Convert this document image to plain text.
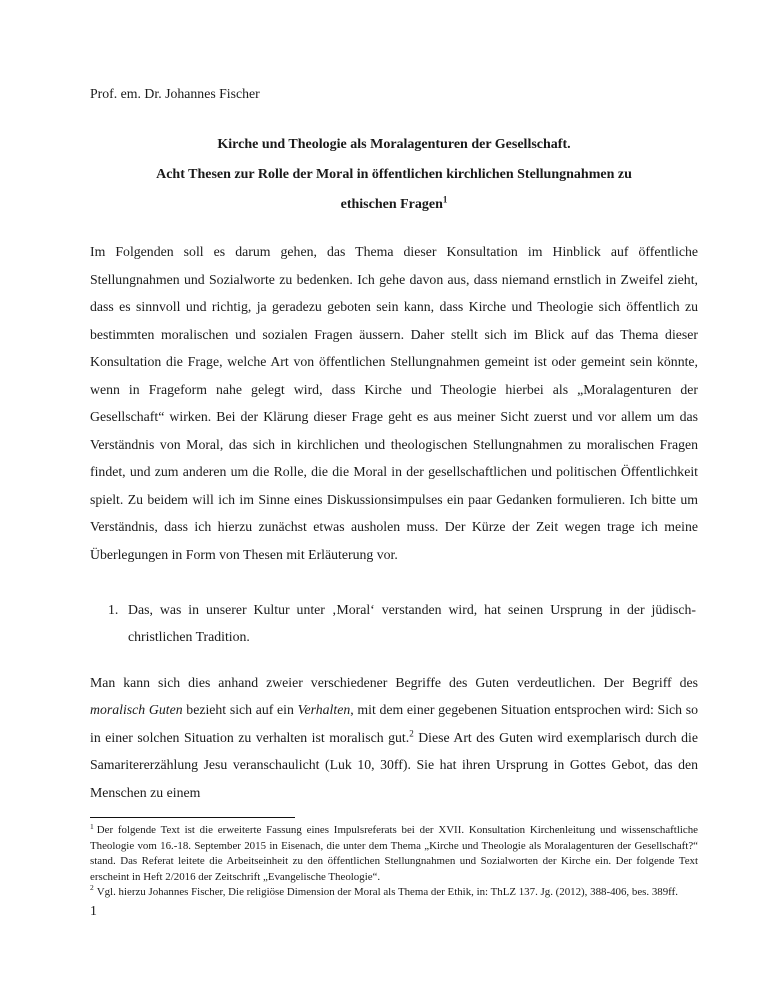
Prof. em. Dr. Johannes Fischer
Kirche und Theologie als Moralagenturen der Gesellschaft.
Acht Thesen zur Rolle der Moral in öffentlichen kirchlichen Stellungnahmen zu
ethischen Fragen$^1$

Im Folgenden soll es darum gehen, das Thema dieser Konsultation im Hinblick auf öffentliche Stellungnahmen und Sozialworte zu bedenken. Ich gehe davon aus, dass niemand ernstlich in Zweifel zieht, dass es sinnvoll und richtig, ja geradezu geboten sein kann, dass Kirche und Theologie sich öffentlich zu bestimmten moralischen und sozialen Fragen äussern. Daher stellt sich im Blick auf das Thema dieser Konsultation die Frage, welche Art von öffentlichen Stellungnahmen gemeint ist oder gemeint sein könnte, wenn in Frageform nahe gelegt wird, dass Kirche und Theologie hierbei als „Moralagenturen der Gesellschaft“ wirken. Bei der Klärung dieser Frage geht es aus meiner Sicht zuerst und vor allem um das Verständnis von Moral, das sich in kirchlichen und theologischen Stellungnahmen zu moralischen Fragen findet, und zum anderen um die Rolle, die die Moral in der gesellschaftlichen und politischen Öffentlichkeit spielt. Zu beidem will ich im Sinne eines Diskussionsimpulses ein paar Gedanken formulieren. Ich bitte um Verständnis, dass ich hierzu zunächst etwas ausholen muss. Der Kürze der Zeit wegen trage ich meine Überlegungen in Form von Thesen mit Erläuterung vor.

1. Das, was in unserer Kultur unter ‚Moral‘ verstanden wird, hat seinen Ursprung in der jüdisch-christlichen Tradition.

Man kann sich dies anhand zweier verschiedener Begriffe des Guten verdeutlichen. Der Begriff des moralisch Guten bezieht sich auf ein Verhalten, mit dem einer gegebenen Situation entsprochen wird: Sich so in einer solchen Situation zu verhalten ist moralisch gut.$^2$ Diese Art des Guten wird exemplarisch durch die Samaritererzählung Jesu veranschaulicht (Luk 10, 30ff). Sie hat ihren Ursprung in Gottes Gebot, das den Menschen zu einem

$^1$ Der folgende Text ist die erweiterte Fassung eines Impulsreferats bei der XVII. Konsultation Kirchenleitung und wissenschaftliche Theologie vom 16.-18. September 2015 in Eisenach, die unter dem Thema „Kirche und Theologie als Moralagenturen der Gesellschaft?“ stand. Das Referat leitete die Arbeitseinheit zu den öffentlichen Stellungnahmen und Sozialworten der Kirche ein. Der folgende Text erscheint in Heft 2/2016 der Zeitschrift „Evangelische Theologie“.
$^2$ Vgl. hierzu Johannes Fischer, Die religiöse Dimension der Moral als Thema der Ethik, in: ThLZ 137. Jg. (2012), 388-406, bes. 389ff.
1
